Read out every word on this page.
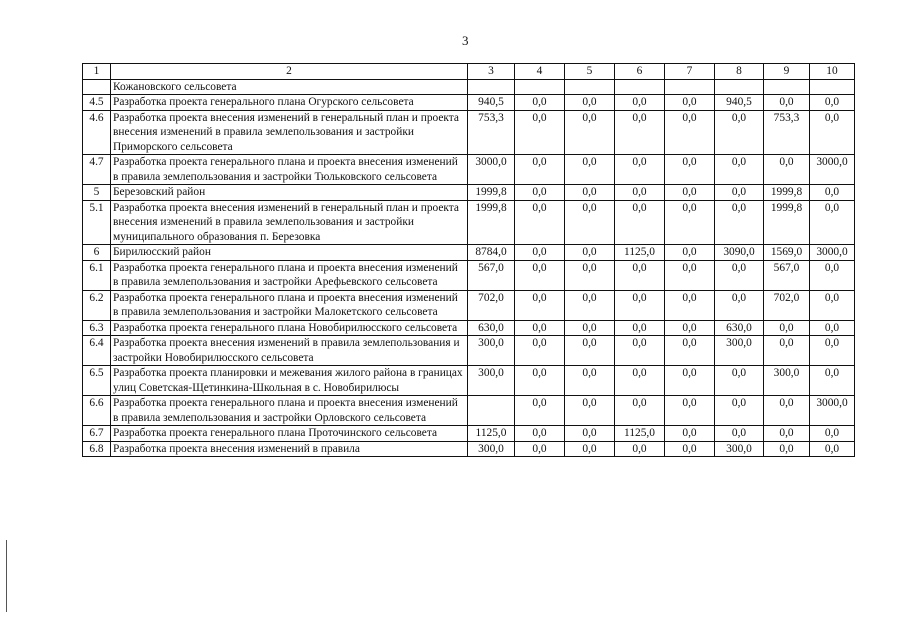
3
1	2	3	4	5	6	7	8	9	10
	Кожановского сельсовета								
4.5	Разработка проекта генерального плана Огурского сельсовета	940,5	0,0	0,0	0,0	0,0	940,5	0,0	0,0
4.6	Разработка проекта внесения изменений в генеральный план и проекта внесения изменений в правила землепользования и застройки Приморского сельсовета	753,3	0,0	0,0	0,0	0,0	0,0	753,3	0,0
4.7	Разработка проекта генерального плана и проекта внесения изменений в правила землепользования и застройки Тюльковского сельсовета	3000,0	0,0	0,0	0,0	0,0	0,0	0,0	3000,0
5	Березовский район	1999,8	0,0	0,0	0,0	0,0	0,0	1999,8	0,0
5.1	Разработка проекта внесения изменений в генеральный план и проекта внесения изменений в правила землепользования и застройки муниципального образования п. Березовка	1999,8	0,0	0,0	0,0	0,0	0,0	1999,8	0,0
6	Бирилюсский район	8784,0	0,0	0,0	1125,0	0,0	3090,0	1569,0	3000,0
6.1	Разработка проекта генерального плана и проекта внесения изменений в правила землепользования и застройки Арефьевского сельсовета	567,0	0,0	0,0	0,0	0,0	0,0	567,0	0,0
6.2	Разработка проекта генерального плана и проекта внесения изменений в правила землепользования и застройки Малокетского сельсовета	702,0	0,0	0,0	0,0	0,0	0,0	702,0	0,0
6.3	Разработка проекта генерального плана Новобирилюсского сельсовета	630,0	0,0	0,0	0,0	0,0	630,0	0,0	0,0
6.4	Разработка проекта внесения изменений в правила землепользования и застройки Новобирилюсского сельсовета	300,0	0,0	0,0	0,0	0,0	300,0	0,0	0,0
6.5	Разработка проекта планировки и межевания жилого района в границах улиц Советская-Щетинкина-Школьная в с. Новобирилюсы	300,0	0,0	0,0	0,0	0,0	0,0	300,0	0,0
6.6	Разработка проекта генерального плана и проекта внесения изменений в правила землепользования и застройки Орловского сельсовета		0,0	0,0	0,0	0,0	0,0	0,0	3000,0
6.7	Разработка проекта генерального плана Проточинского сельсовета	1125,0	0,0	0,0	1125,0	0,0	0,0	0,0	0,0
6.8	Разработка проекта внесения изменений в правила	300,0	0,0	0,0	0,0	0,0	300,0	0,0	0,0
